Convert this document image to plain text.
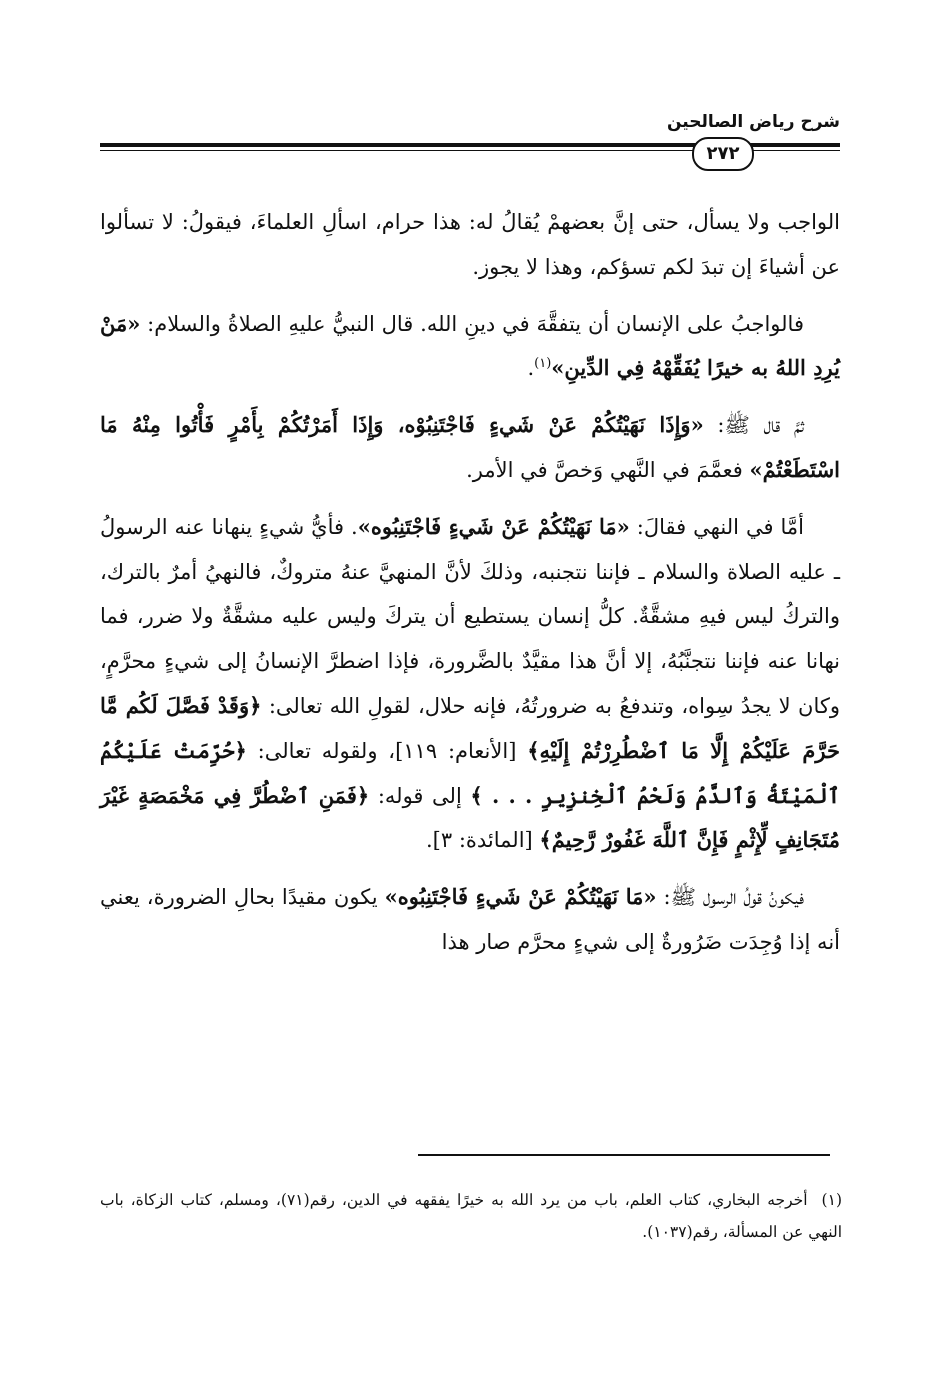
شرح رياض الصالحين
٢٧٢

الواجب ولا يسأل، حتى إنَّ بعضهمْ يُقالُ له: هذا حرام، اسألِ العلماءَ، فيقولُ: لا تسألوا عن أشياءَ إن تبدَ لكم تسؤكم، وهذا لا يجوز.

فالواجبُ على الإنسان أن يتفقَّهَ في دينِ الله. قال النبيُّ عليهِ الصلاةُ والسلام: «مَنْ يُرِدِ اللهُ به خيرًا يُفَقِّهْهُ فِي الدِّينِ»$^{(١)}$.

ثمَّ قال ﷺ: «وَإِذَا نَهَيْتُكُمْ عَنْ شَيءٍ فَاجْتَنِبُوْه، وَإِذَا أَمَرْتُكُمْ بِأَمْرٍ فَأْتُوا مِنْهُ مَا اسْتَطَعْتُمْ» فعمَّمَ في النَّهي وَخصَّ في الأمر.

أمَّا في النهي فقالَ: «مَا نَهَيْتُكُمْ عَنْ شَيءٍ فَاجْتَنِبُوه». فأيُّ شيءٍ ينهانا عنه الرسولُ ـ عليه الصلاة والسلام ـ فإننا نتجنبه، وذلكَ لأنَّ المنهيَّ عنهُ متروكٌ، فالنهيُ أمرٌ بالترك، والتركُ ليس فيهِ مشقَّةٌ. كلُّ إنسان يستطيع أن يتركَ وليس عليه مشقَّةٌ ولا ضرر، فما نهانا عنه فإننا نتجنَّبُهُ، إلا أنَّ هذا مقيَّدٌ بالضَّرورة، فإذا اضطرَّ الإنسانُ إلى شيءٍ محرَّمٍ، وكان لا يجدُ سِواه، وتندفعُ به ضرورتُهُ، فإنه حلال، لقولِ الله تعالى: ﴿وَقَدْ فَصَّلَ لَكُم مَّا حَرَّمَ عَلَيْكُمْ إِلَّا مَا ٱضْطُرِرْتُمْ إِلَيْهِ﴾ [الأنعام: ١١٩]، ولقوله تعالى: ﴿حُرِّمَتْ عَلَيْكُمُ ٱلْمَيْتَةُ وَٱلدَّمُ وَلَحْمُ ٱلْخِنزِيرِ . . . ﴾ إلى قوله: ﴿فَمَنِ ٱضْطُرَّ فِي مَخْمَصَةٍ غَيْرَ مُتَجَانِفٍ لِّإِثْمٍ فَإِنَّ ٱللَّهَ غَفُورٌ رَّحِيمٌ﴾ [المائدة: ٣].

فيكونُ قولُ الرسول ﷺ: «مَا نَهَيْتُكُمْ عَنْ شَيءٍ فَاجْتَنِبُوه» يكون مقيدًا بحالِ الضرورة، يعني أنه إذا وُجِدَت ضَرُورةٌ إلى شيءٍ محرَّم صار هذا

(١)أخرجه البخاري، كتاب العلم، باب من يرد الله به خيرًا يفقهه في الدين، رقم(٧١)، ومسلم، كتاب الزكاة، باب النهي عن المسألة، رقم(١٠٣٧).
